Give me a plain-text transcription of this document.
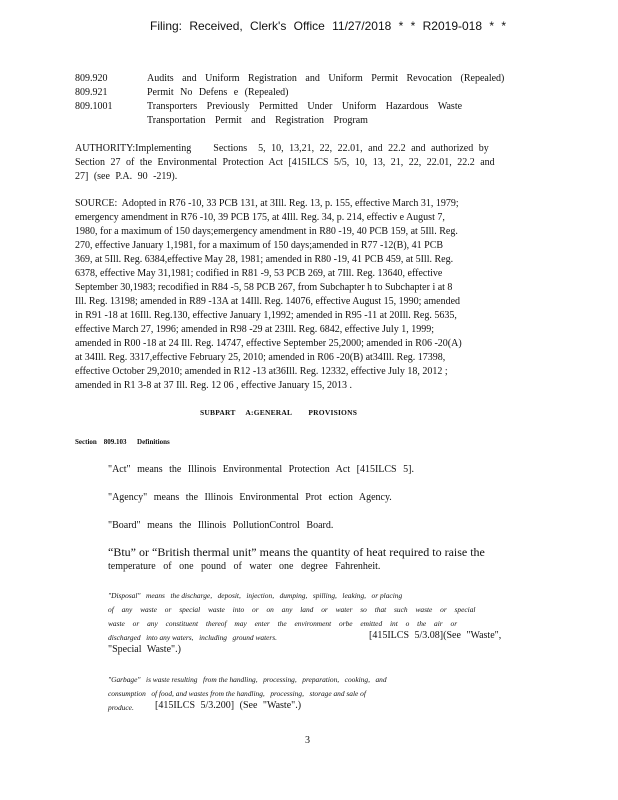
Filing: Received, Clerk's Office 11/27/2018 * * R2019-018 * *
809.920	Audits and Uniform Registration and Uniform Permit Revocation (Repealed)
809.921	Permit No Defens e (Repealed)
809.1001	Transporters Previously Permitted Under Uniform Hazardous Waste
Transportation Permit and Registration Program
AUTHORITY:Implementing    Sections  5, 10, 13,21, 22, 22.01, and 22.2 and authorized by
Section 27 of the Environmental Protection Act [415ILCS 5/5, 10, 13, 21, 22, 22.01, 22.2 and
27] (see P.A. 90 -219).
SOURCE:  Adopted in R76 -10, 33 PCB 131, at 3Ill. Reg. 13, p. 155, effective March 31, 1979;
emergency amendment in R76 -10, 39 PCB 175, at 4Ill. Reg. 34, p. 214, effectiv e August 7,
1980, for a maximum of 150 days;emergency amendment in R80 -19, 40 PCB 159, at 5Ill. Reg.
270, effective January 1,1981, for a maximum of 150 days;amended in R77 -12(B), 41 PCB
369, at 5Ill. Reg. 6384,effective May 28, 1981; amended in R80 -19, 41 PCB 459, at 5Ill. Reg.
6378, effective May 31,1981; codified in R81 -9, 53 PCB 269, at 7Ill. Reg. 13640, effective
September 30,1983; recodified in R84 -5, 58 PCB 267, from Subchapter h to Subchapter i at 8
Ill. Reg. 13198; amended in R89 -13A at 14Ill. Reg. 14076, effective August 15, 1990; amended
in R91 -18 at 16Ill. Reg.130, effective January 1,1992; amended in R95 -11 at 20Ill. Reg. 5635,
effective March 27, 1996; amended in R98 -29 at 23Ill. Reg. 6842, effective July 1, 1999;
amended in R00 -18 at 24 Ill. Reg. 14747, effective September 25,2000; amended in R06 -20(A)
at 34Ill. Reg. 3317,effective February 25, 2010; amended in R06 -20(B) at34Ill. Reg. 17398,
effective October 29,2010; amended in R12 -13 at36Ill. Reg. 12332, effective July 18, 2012 ;
amended in R1 3-8 at 37 Ill. Reg. 12 06 , effective January 15, 2013 .
SUBPART     A:GENERAL        PROVISIONS
Section    809.103      Definitions
"Act" means the Illinois Environmental Protection Act [415ILCS 5].
"Agency" means the Illinois Environmental Prot ection Agency.
"Board" means the Illinois PollutionControl Board.
“Btu” or “British thermal unit” means the quantity of heat required to raise the
temperature of one pound of water one degree Fahrenheit.
"Disposal"   means   the discharge,   deposit,   injection,   dumping,   spilling,   leaking,   or placing
of any waste or special waste into or on any land or water so that such waste or special
waste or any constituent thereof may enter the environment orbe emitted int o the air or
discharged   into any waters,   including   ground waters.	[415ILCS 5/3.08](See "Waste",
"Special Waste".)
"Garbage"   is waste resulting   from the handling,   processing,   preparation,   cooking,   and
consumption   of food, and wastes from the handling,   processing,   storage and sale of
produce. [415ILCS 5/3.200] (See "Waste".)
3
